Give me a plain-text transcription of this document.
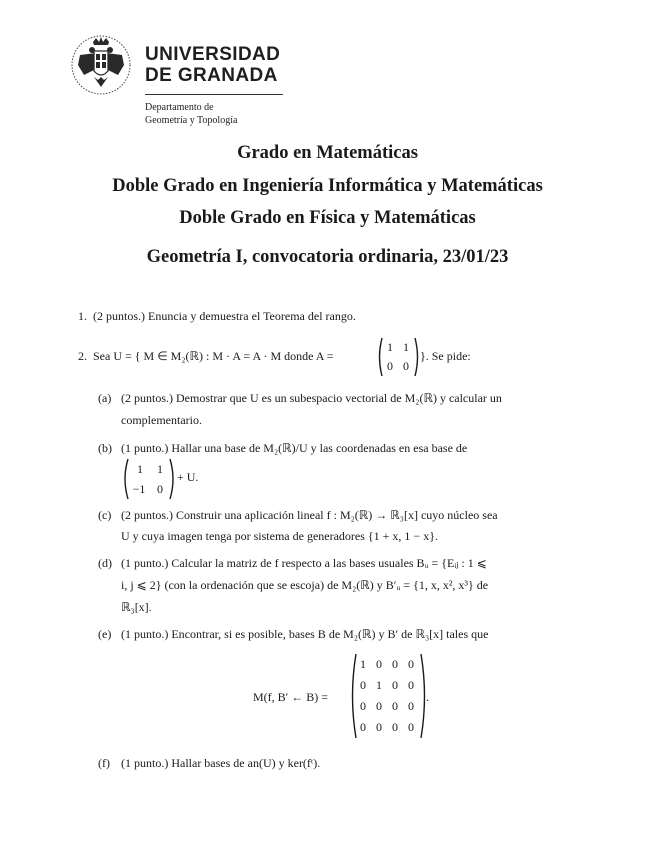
UNIVERSIDAD
DE GRANADA
Departamento de
Geometría y Topología
Grado en Matemáticas
Doble Grado en Ingeniería Informática y Matemáticas
Doble Grado en Física y Matemáticas
Geometría I, convocatoria ordinaria, 23/01/23
1. (2 puntos.) Enuncia y demuestra el Teorema del rango.
2. Sea U = { M ∈ M₂(ℝ) : M · A = A · M donde A =
1 1
0 0
}. Se pide:
(a) (2 puntos.) Demostrar que U es un subespacio vectorial de M₂(ℝ) y calcular un
complementario.
(b) (1 punto.) Hallar una base de M₂(ℝ)/U y las coordenadas en esa base de
1	1
−1 0
+ U.
(c) (2 puntos.) Construir una aplicación lineal f : M₂(ℝ) → ℝ₃[x] cuyo núcleo sea
U y cuya imagen tenga por sistema de generadores {1 + x, 1 − x}.
(d) (1 punto.) Calcular la matriz de f respecto a las bases usuales Bᵤ = {Eᵢⱼ : 1 ⩽
i, j ⩽ 2} (con la ordenación que se escoja) de M₂(ℝ) y B′ᵤ = {1, x, x², x³} de
ℝ₃[x].
(e) (1 punto.) Encontrar, si es posible, bases B de M₂(ℝ) y B′ de ℝ₃[x] tales que
M(f, B′ ← B) =
1 0 0 0
0 1 0 0
0 0 0 0
0 0 0 0
.
(f) (1 punto.) Hallar bases de an(U) y ker(fᵗ).
